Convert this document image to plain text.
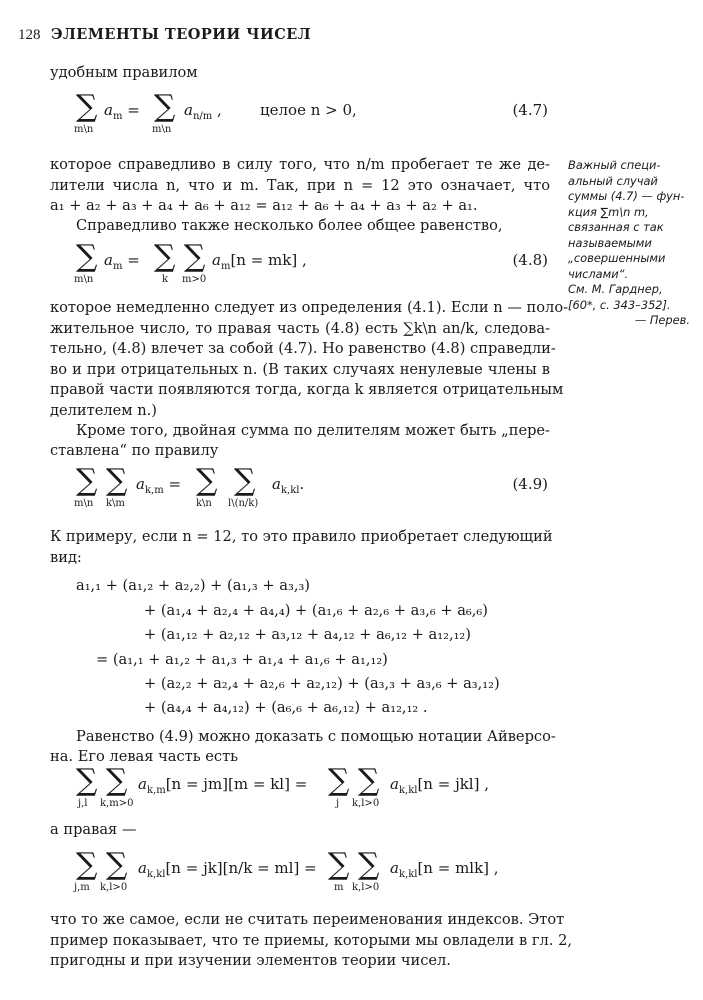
128 ЭЛЕМЕНТЫ ТЕОРИИ ЧИСЕЛ
удобным правилом
∑
m\n
$a_m$ = ∑
m\n
$a_{n/m}$ ,	целое n > 0,	(4.7)
которое справедливо в силу того, что n/m пробегает те же де-
лители числа n, что и m. Так, при n = 12 это означает, что
a₁ + a₂ + a₃ + a₄ + a₆ + a₁₂ = a₁₂ + a₆ + a₄ + a₃ + a₂ + a₁.
Справедливо также несколько более общее равенство,
∑
m\n
$a_m$ = ∑
k
∑
m>0
$a_m[n = mk]$ ,	(4.8)
которое немедленно следует из определения (4.1). Если n — поло-
жительное число, то правая часть (4.8) есть ∑k\n an/k, следова-
тельно, (4.8) влечет за собой (4.7). Но равенство (4.8) справедли-
во и при отрицательных n. (В таких случаях ненулевые члены в
правой части появляются тогда, когда k является отрицательным
делителем n.)
Кроме того, двойная сумма по делителям может быть „пере-
ставлена“ по правилу
∑
m\n
∑
k\m
$a_{k,m}$ = ∑
k\n
∑
l\(n/k)
$a_{k,kl}$.	(4.9)
К примеру, если n = 12, то это правило приобретает следующий
вид:
a₁,₁ + (a₁,₂ + a₂,₂) + (a₁,₃ + a₃,₃)
+ (a₁,₄ + a₂,₄ + a₄,₄) + (a₁,₆ + a₂,₆ + a₃,₆ + a₆,₆)
+ (a₁,₁₂ + a₂,₁₂ + a₃,₁₂ + a₄,₁₂ + a₆,₁₂ + a₁₂,₁₂)
= (a₁,₁ + a₁,₂ + a₁,₃ + a₁,₄ + a₁,₆ + a₁,₁₂)
+ (a₂,₂ + a₂,₄ + a₂,₆ + a₂,₁₂) + (a₃,₃ + a₃,₆ + a₃,₁₂)
+ (a₄,₄ + a₄,₁₂) + (a₆,₆ + a₆,₁₂) + a₁₂,₁₂ .
Равенство (4.9) можно доказать с помощью нотации Айверсо-
на. Его левая часть есть
∑
j,l
∑
k,m>0
$a_{k,m}[n = jm][m = kl]$ = ∑
j
∑
k,l>0
$a_{k,kl}[n = jkl]$ ,
а правая —
∑
j,m
∑
k,l>0
$a_{k,kl}[n = jk][n/k = ml]$ = ∑
m
∑
k,l>0
$a_{k,kl}[n = mlk]$ ,
что то же самое, если не считать переименования индексов. Этот
пример показывает, что те приемы, которыми мы овладели в гл. 2,
пригодны и при изучении элементов теории чисел.
Важный специ-
альный случай
суммы (4.7) — фун-
кция ∑m\n m,
связанная с так
называемыми
„совершенными
числами“.
См. М. Гарднер,
[60*, с. 343–352].
— Перев.
